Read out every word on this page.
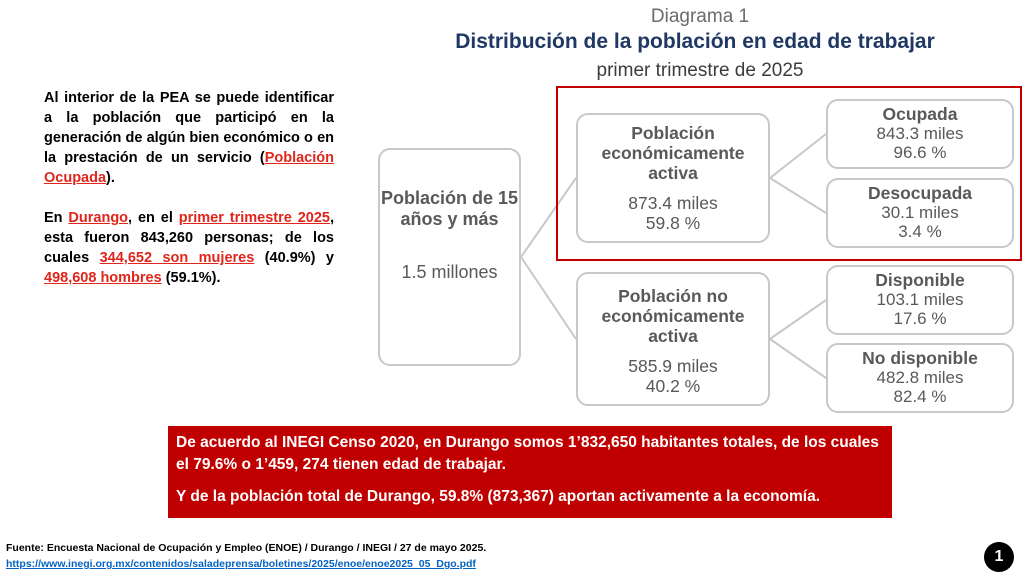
Diagrama 1
Distribución de la población en edad de trabajar
primer trimestre de 2025

Al interior de la PEA se puede identificar a la población que participó en la generación de algún bien económico o en la prestación de un servicio (Población Ocupada).

En Durango, en el primer trimestre 2025, esta fueron 843,260 personas; de los cuales 344,652 son mujeres (40.9%) y 498,608 hombres (59.1%).

Población de 15 años y más
1.5 millones
Población económicamente activa
873.4 miles
59.8 %
Población no económicamente activa
585.9 miles
40.2 %
Ocupada
843.3 miles
96.6 %
Desocupada
30.1 miles
3.4 %
Disponible
103.1 miles
17.6 %
No disponible
482.8 miles
82.4 %

De acuerdo al INEGI Censo 2020, en Durango somos 1’832,650 habitantes totales, de los cuales el 79.6% o 1’459, 274 tienen edad de trabajar.

Y de la población total de Durango, 59.8% (873,367) aportan activamente a la economía.

Fuente: Encuesta Nacional de Ocupación y Empleo (ENOE) / Durango / INEGI / 27 de mayo 2025.
https://www.inegi.org.mx/contenidos/saladeprensa/boletines/2025/enoe/enoe2025_05_Dgo.pdf	1
